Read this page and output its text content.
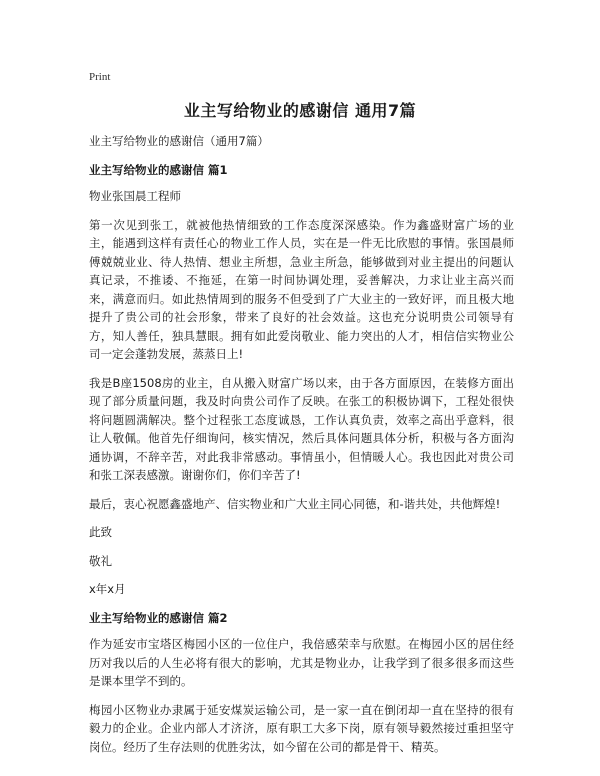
Print
业主写给物业的感谢信 通用7篇

业主写给物业的感谢信（通用7篇）

业主写给物业的感谢信 篇1

物业张国晨工程师

第一次见到张工，就被他热情细致的工作态度深深感染。作为鑫盛财富广场的业主，能遇到这样有责任心的物业工作人员，实在是一件无比欣慰的事情。张国晨师傅兢兢业业、待人热情、想业主所想，急业主所急，能够做到对业主提出的问题认真记录，不推诿、不拖延，在第一时间协调处理，妥善解决，力求让业主高兴而来，满意而归。如此热情周到的服务不但受到了广大业主的一致好评，而且极大地提升了贵公司的社会形象，带来了良好的社会效益。这也充分说明贵公司领导有方，知人善任，独具慧眼。拥有如此爱岗敬业、能力突出的人才，相信信实物业公司一定会蓬勃发展，蒸蒸日上!

我是B座1508房的业主，自从搬入财富广场以来，由于各方面原因，在装修方面出现了部分质量问题，我及时向贵公司作了反映。在张工的积极协调下，工程处很快将问题圆满解决。整个过程张工态度诚恳，工作认真负责，效率之高出乎意料，很让人敬佩。他首先仔细询问，核实情况，然后具体问题具体分析，积极与各方面沟通协调，不辞辛苦，对此我非常感动。事情虽小，但情暖人心。我也因此对贵公司和张工深表感激。谢谢你们，你们辛苦了!

最后，衷心祝愿鑫盛地产、信实物业和广大业主同心同德，和-谐共处，共他辉煌!

此致

敬礼

x年x月

业主写给物业的感谢信 篇2

作为延安市宝塔区梅园小区的一位住户，我倍感荣幸与欣慰。在梅园小区的居住经历对我以后的人生必将有很大的影响，尤其是物业办，让我学到了很多很多而这些是课本里学不到的。

梅园小区物业办隶属于延安煤炭运输公司，是一家一直在倒闭却一直在坚持的很有毅力的企业。企业内部人才济济，原有职工大多下岗，原有领导毅然接过重担坚守岗位。经历了生存法则的优胜劣汰，如今留在公司的都是骨干、精英。
